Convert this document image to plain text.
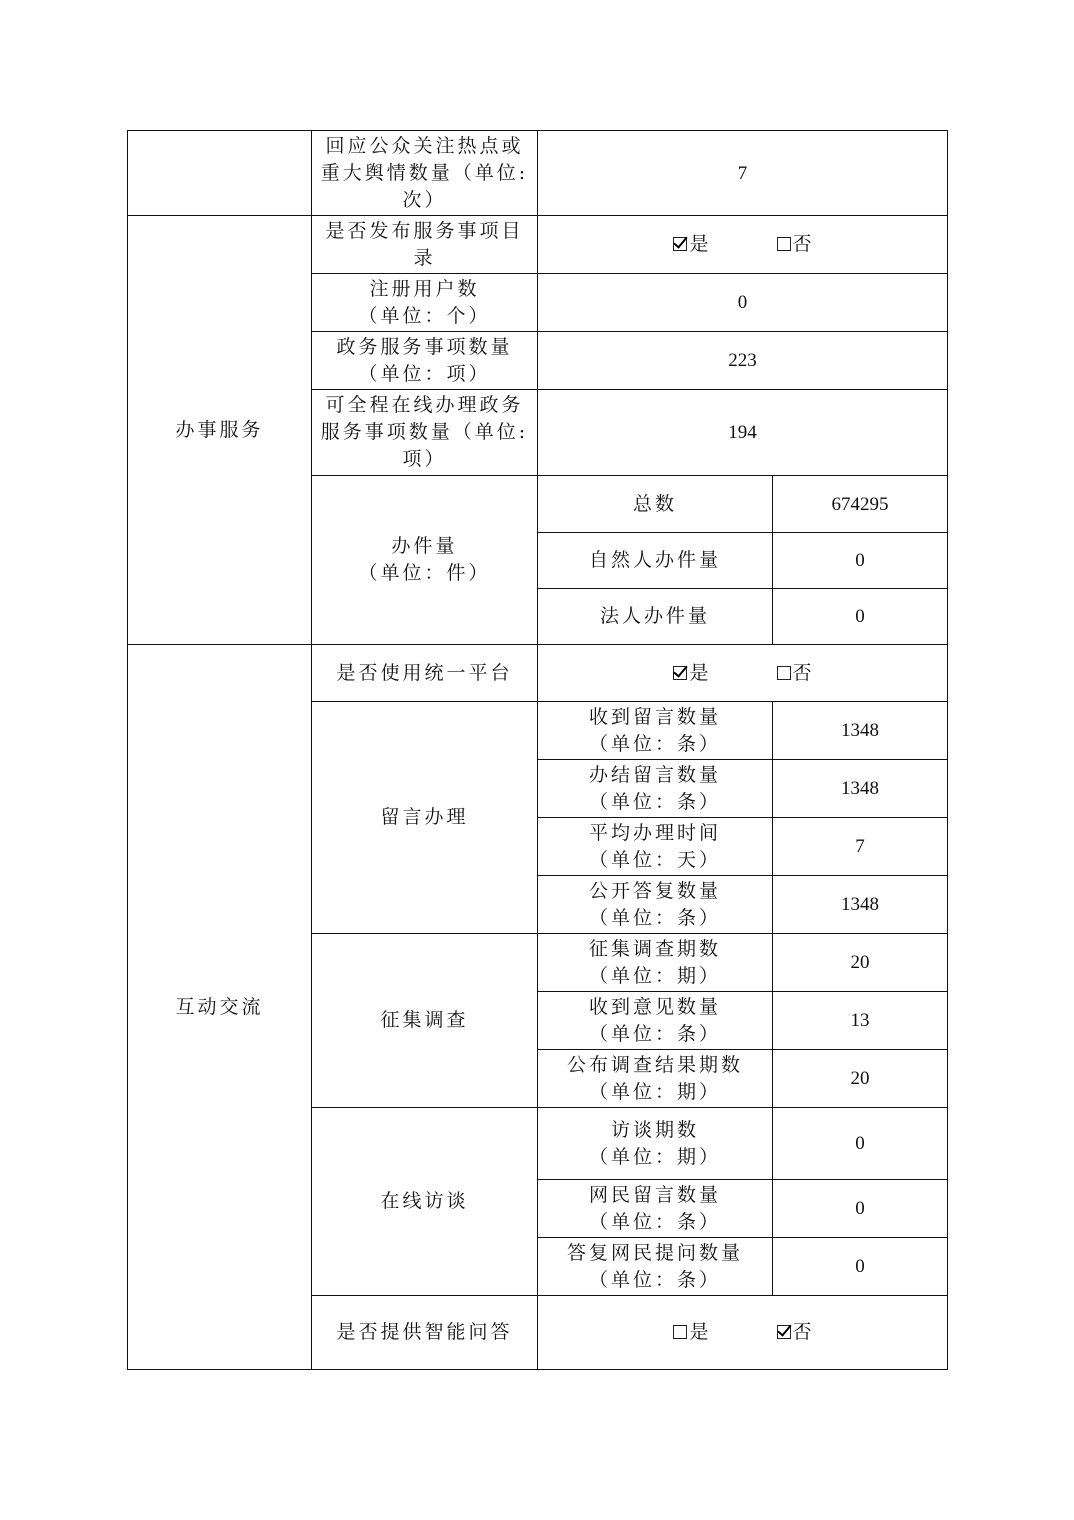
	回应公众关注热点或
重大舆情数量（单位:
次）	7	
办事服务	是否发布服务事项目
录	是 否	

	注册用户数
（单位：个）	0	

	政务服务事项数量
（单位：项）	223	

	可全程在线办理政务
服务事项数量（单位:
项）	194	

	办件量
（单位：件）	总数	674295
		自然人办件量	0
		法人办件量	0
互动交流	是否使用统一平台	是 否	
	留言办理	收到留言数量
（单位：条）	1348

		办结留言数量
（单位：条）	1348

		平均办理时间
（单位：天）	7

		公开答复数量
（单位：条）	1348
	征集调查	征集调查期数
（单位：期）	20

		收到意见数量
（单位：条）	13

		公布调查结果期数
（单位：期）	20
	在线访谈	访谈期数
（单位：期）	0

		网民留言数量
（单位：条）	0

		答复网民提问数量
（单位：条）	0
	是否提供智能问答	是 否	
